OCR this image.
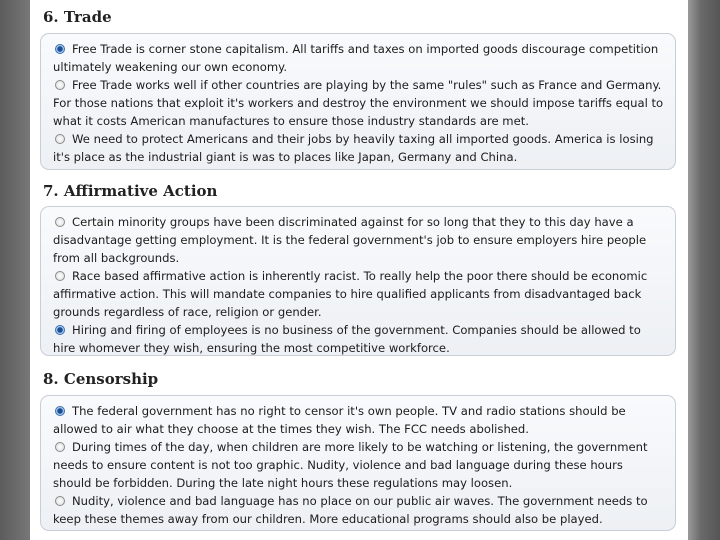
6. Trade
Free Trade is corner stone capitalism. All tariffs and taxes on imported goods discourage competition ultimately weakening our own economy.
Free Trade works well if other countries are playing by the same "rules" such as France and Germany. For those nations that exploit it's workers and destroy the environment we should impose tariffs equal to what it costs American manufactures to ensure those industry standards are met.
We need to protect Americans and their jobs by heavily taxing all imported goods. America is losing it's place as the industrial giant is was to places like Japan, Germany and China.
7. Affirmative Action
Certain minority groups have been discriminated against for so long that they to this day have a disadvantage getting employment. It is the federal government's job to ensure employers hire people from all backgrounds.
Race based affirmative action is inherently racist. To really help the poor there should be economic affirmative action. This will mandate companies to hire qualified applicants from disadvantaged back grounds regardless of race, religion or gender.
Hiring and firing of employees is no business of the government. Companies should be allowed to hire whomever they wish, ensuring the most competitive workforce.
8. Censorship
The federal government has no right to censor it's own people. TV and radio stations should be allowed to air what they choose at the times they wish. The FCC needs abolished.
During times of the day, when children are more likely to be watching or listening, the government needs to ensure content is not too graphic. Nudity, violence and bad language during these hours should be forbidden. During the late night hours these regulations may loosen.
Nudity, violence and bad language has no place on our public air waves. The government needs to keep these themes away from our children. More educational programs should also be played.
